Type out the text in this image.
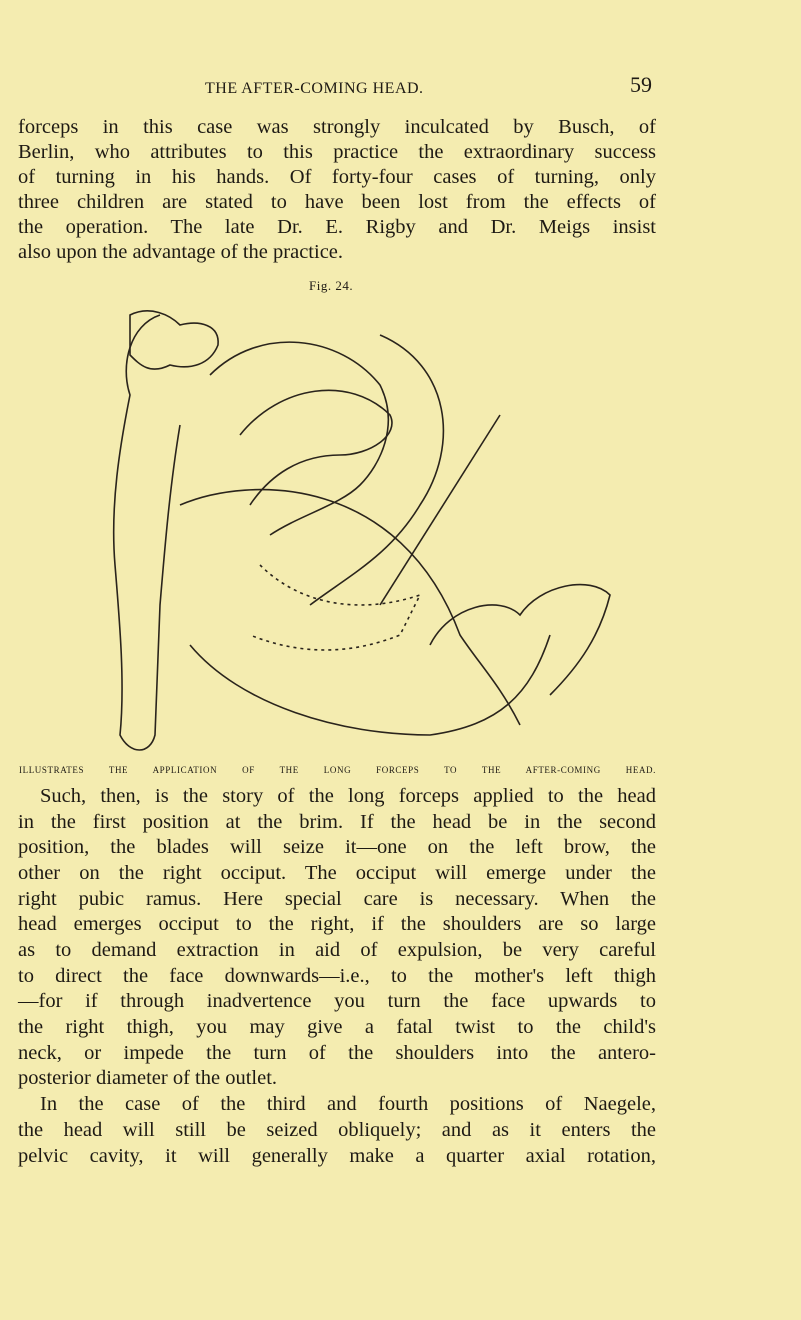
THE AFTER-COMING HEAD.	59
forceps in this case was strongly inculcated by Busch, of
Berlin, who attributes to this practice the extraordinary success
of turning in his hands. Of forty-four cases of turning, only
three children are stated to have been lost from the effects of
the operation. The late Dr. E. Rigby and Dr. Meigs insist
also upon the advantage of the practice.
Fig. 24.
ILLUSTRATES THE APPLICATION OF THE LONG FORCEPS TO THE AFTER-COMING HEAD.
Such, then, is the story of the long forceps applied to the head
in the first position at the brim. If the head be in the second
position, the blades will seize it—one on the left brow, the
other on the right occiput. The occiput will emerge under the
right pubic ramus. Here special care is necessary. When the
head emerges occiput to the right, if the shoulders are so large
as to demand extraction in aid of expulsion, be very careful
to direct the face downwards—i.e., to the mother's left thigh
—for if through inadvertence you turn the face upwards to
the right thigh, you may give a fatal twist to the child's
neck, or impede the turn of the shoulders into the antero-
posterior diameter of the outlet.
In the case of the third and fourth positions of Naegele,
the head will still be seized obliquely; and as it enters the
pelvic cavity, it will generally make a quarter axial rotation,
